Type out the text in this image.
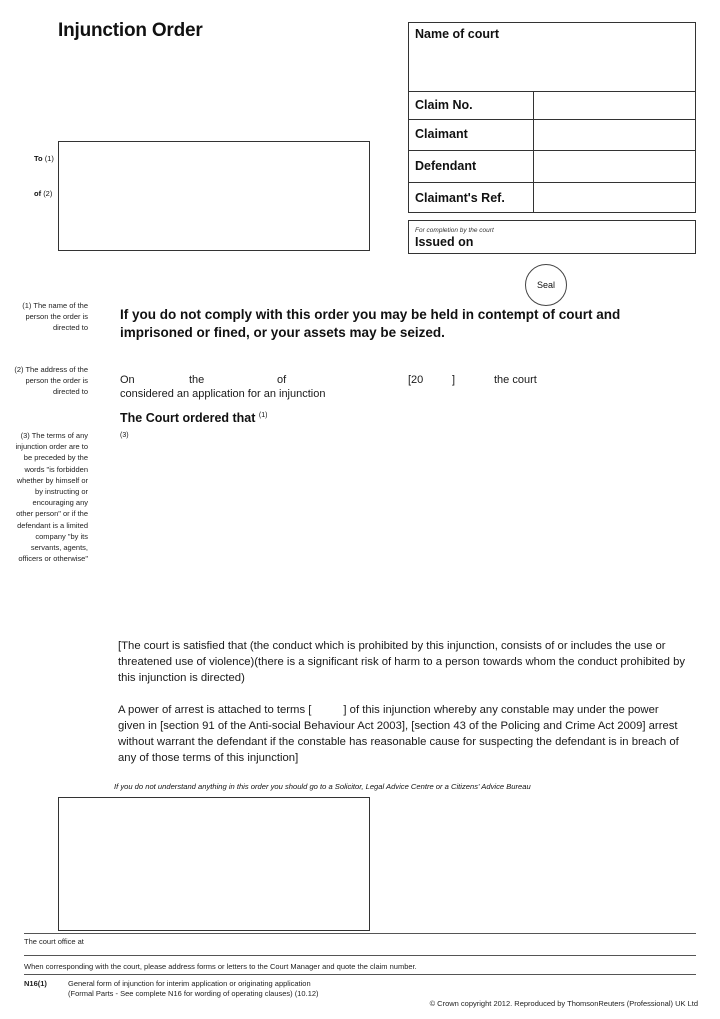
Injunction Order	Name of court
Claim No.
Claimant
Defendant
Claimant's Ref.
For completion by the court
Issued on
Seal
To (1)
of (2)
(1) The name of the person the order is directed to
(2) The address of the person the order is directed to
(3) The terms of any injunction order are to be preceded by the words "is forbidden whether by himself or by instructing or encouraging any other person" or if the defendant is a limited company "by its servants, agents, officers or otherwise"
If you do not comply with this order you may be held in contempt of court and imprisoned or fined, or your assets may be seized.
On	the	of	[20	]	the court
considered an application for an injunction
The Court ordered that $^{(1)}$
(3)
[The court is satisfied that (the conduct which is prohibited by this injunction, consists of or includes the use or threatened use of violence)(there is a significant risk of harm to a person towards whom the conduct prohibited by this injunction is directed)
A power of arrest is attached to terms [	] of this injunction whereby any constable may under the power given in [section 91 of the Anti-social Behaviour Act 2003], [section 43 of the Policing and Crime Act 2009] arrest without warrant the defendant if the constable has reasonable cause for suspecting the defendant is in breach of any of those terms of this injunction]
If you do not understand anything in this order you should go to a Solicitor, Legal Advice Centre or a Citizens' Advice Bureau
The court office at
When corresponding with the court, please address forms or letters to the Court Manager and quote the claim number.
N16(1)	General form of injunction for interim application or originating application
(Formal Parts - See complete N16 for wording of operating clauses) (10.12)
© Crown copyright 2012. Reproduced by ThomsonReuters (Professional) UK Ltd
